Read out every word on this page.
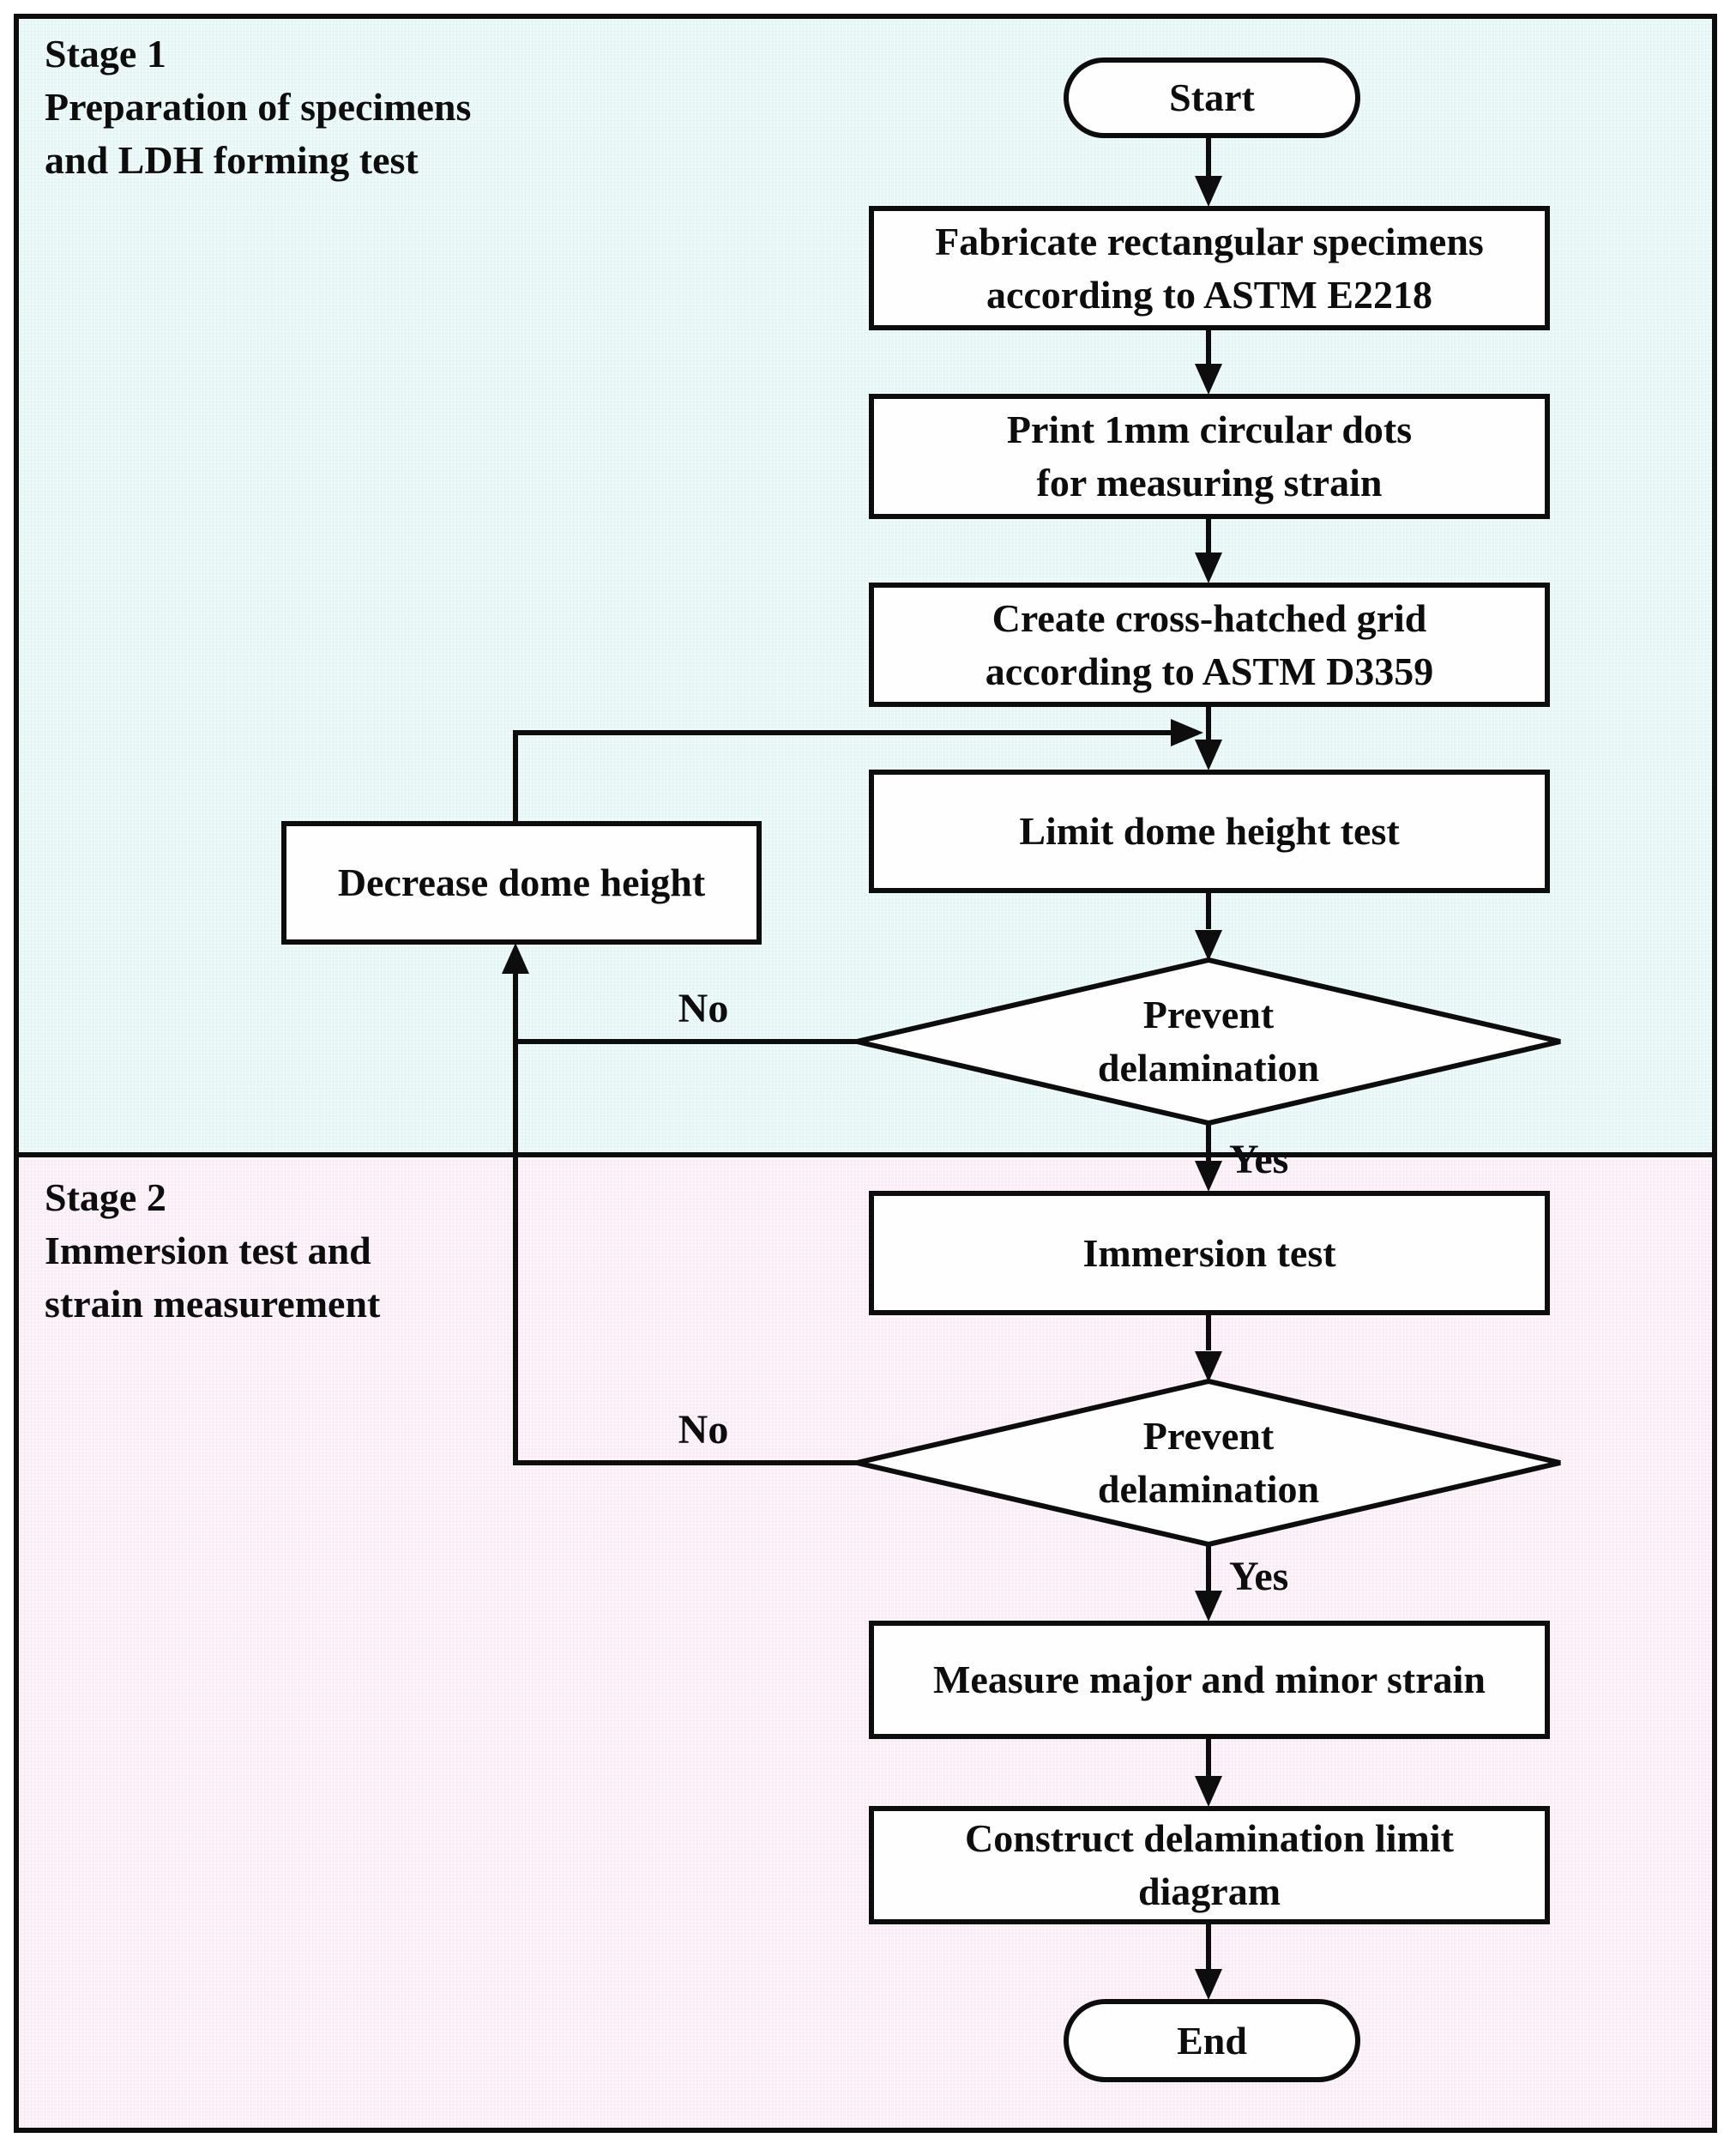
Stage 1
Preparation of specimens
and LDH forming test
Stage 2
Immersion test and
strain measurement
Start
Fabricate rectangular specimens
according to ASTM E2218
Print 1mm circular dots
for measuring strain
Create cross-hatched grid
according to ASTM D3359
Limit dome height test
Decrease dome height
Prevent
delamination
Immersion test
Prevent
delamination
Measure major and minor strain
Construct delamination limit
diagram
End
No
Yes
No
Yes
